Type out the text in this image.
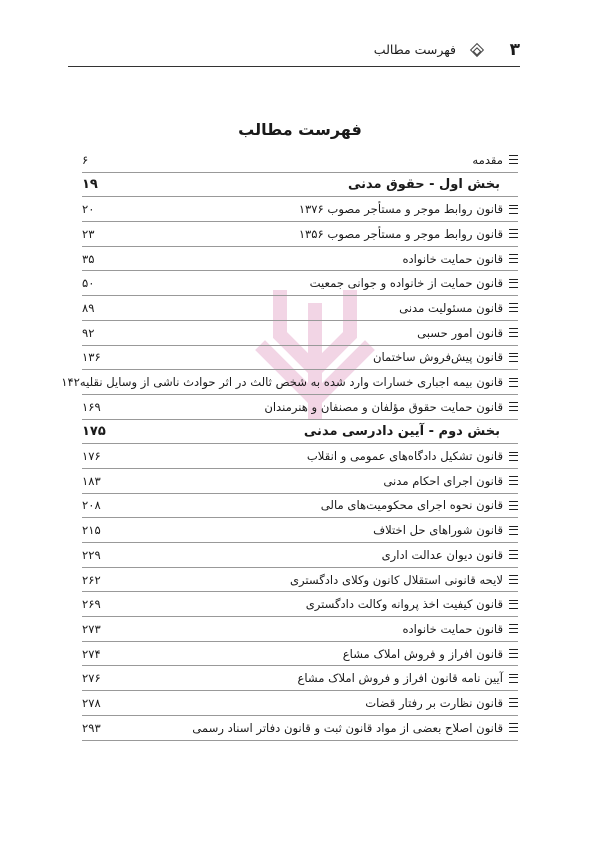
۳
فهرست مطالب
فهرست مطالب
مقدمه
۶
بخش اول - حقوق مدنی
۱۹
قانون روابط موجر و مستأجر مصوب ۱۳۷۶
۲۰
قانون روابط موجر و مستأجر مصوب ۱۳۵۶
۲۳
قانون حمایت خانواده
۳۵
قانون حمایت از خانواده و جوانی جمعیت
۵۰
قانون مسئولیت مدنی
۸۹
قانون امور حسبی
۹۲
قانون پیش‌فروش ساختمان
۱۳۶
قانون بیمه اجباری خسارات وارد شده به شخص ثالث در اثر حوادث ناشی از وسایل نقلیه
۱۴۲
قانون حمایت حقوق مؤلفان و مصنفان و هنرمندان
۱۶۹
بخش دوم - آیین دادرسی مدنی
۱۷۵
قانون تشکیل دادگاه‌های عمومی و انقلاب
۱۷۶
قانون اجرای احکام مدنی
۱۸۳
قانون نحوه اجرای محکومیت‌های مالی
۲۰۸
قانون شوراهای حل اختلاف
۲۱۵
قانون دیوان عدالت اداری
۲۲۹
لایحه قانونی استقلال کانون وکلای دادگستری
۲۶۲
قانون کیفیت اخذ پروانه وکالت دادگستری
۲۶۹
قانون حمایت خانواده
۲۷۳
قانون افراز و فروش املاک مشاع
۲۷۴
آیین نامه قانون افراز و فروش املاک مشاع
۲۷۶
قانون نظارت بر رفتار قضات
۲۷۸
قانون اصلاح بعضی از مواد قانون ثبت و قانون دفاتر اسناد رسمی
۲۹۳
